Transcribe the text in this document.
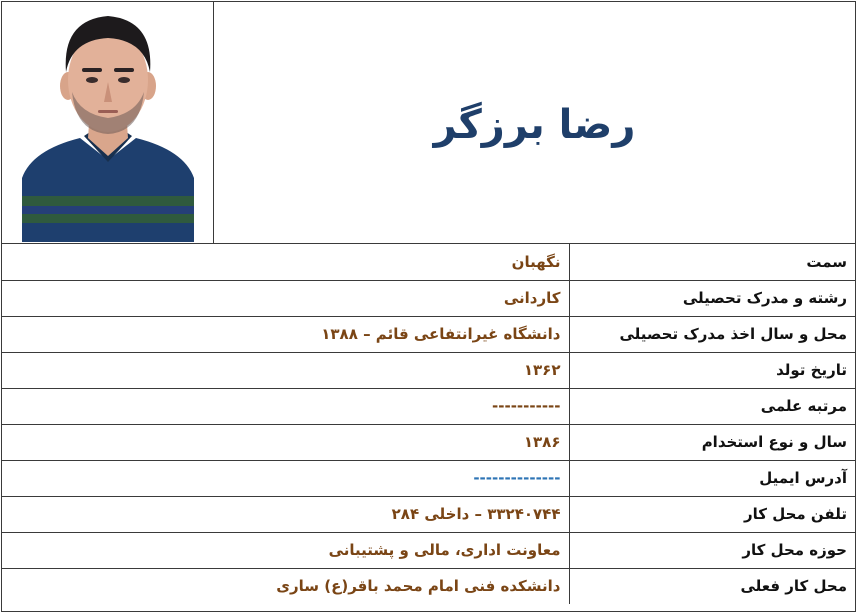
رضا برزگر
سمت	نگهبان
رشته و مدرک تحصیلی	کاردانی
محل و سال اخذ مدرک تحصیلی	دانشگاه غیرانتفاعی قائم – ۱۳۸۸
تاریخ تولد	۱۳۶۲
مرتبه علمی	-----------
سال و نوع استخدام	۱۳۸۶
آدرس ایمیل	--------------
تلفن محل کار	۳۳۲۴۰۷۴۴ – داخلی ۲۸۴
حوزه محل کار	معاونت اداری، مالی و پشتیبانی
محل کار فعلی	دانشکده فنی امام محمد باقر(ع) ساری
